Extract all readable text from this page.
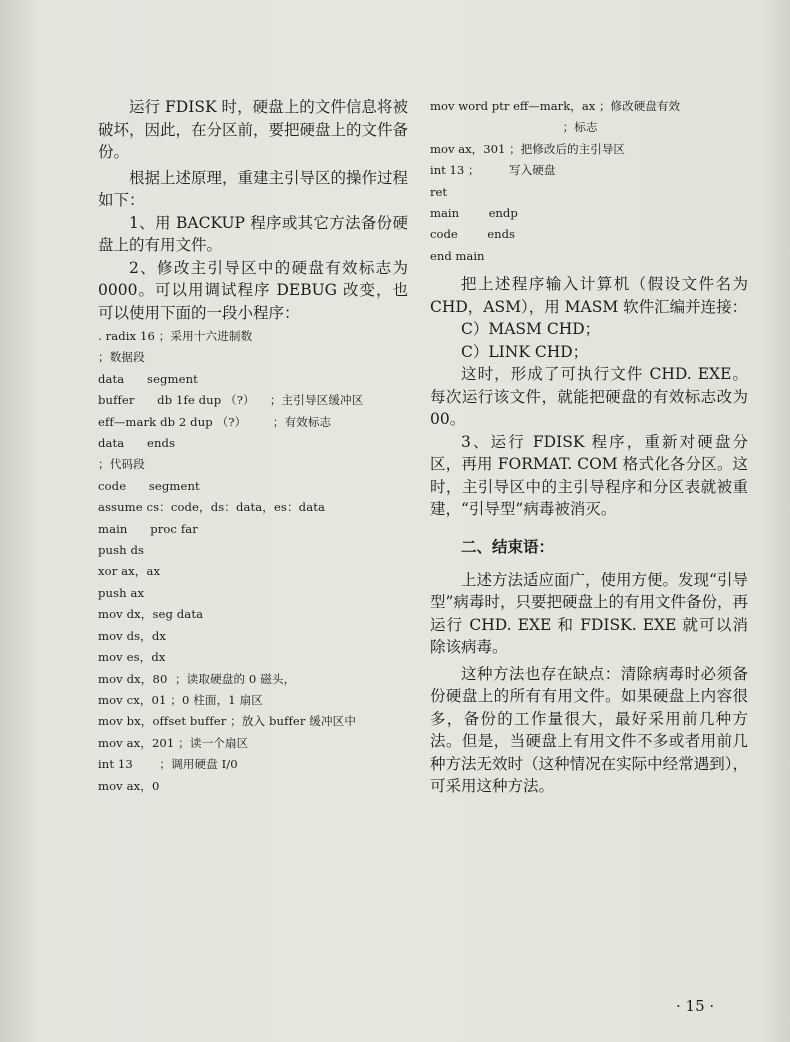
运行 FDISK 时，硬盘上的文件信息将被破坏，因此，在分区前，要把硬盘上的文件备份。

根据上述原理，重建主引导区的操作过程如下：

1、用 BACKUP 程序或其它方法备份硬盘上的有用文件。

2、修改主引导区中的硬盘有效标志为 0000。可以用调试程序 DEBUG 改变，也可以使用下面的一段小程序：

. radix 16 ；采用十六进制数

；数据段

data      segment

buffer      db 1fe dup （?）    ；主引导区缓冲区

eff—mark db 2 dup （?）       ；有效标志

data      ends

；代码段

code      segment

assume cs：code，ds：data，es：data

main      proc far

push ds

xor ax，ax

push ax

mov dx，seg data

mov ds，dx

mov es，dx

mov dx，80  ；读取硬盘的 0 磁头，

mov cx，01 ；0 柱面，1 扇区

mov bx，offset buffer ；放入 buffer 缓冲区中

mov ax，201 ；读一个扇区

int 13       ；调用硬盘 I/0

mov ax，0

mov word ptr eff—mark，ax ；修改硬盘有效

；标志

mov ax，301 ；把修改后的主引导区

int 13 ；        写入硬盘

ret

main        endp

code        ends

end main

把上述程序输入计算机（假设文件名为 CHD，ASM），用 MASM 软件汇编并连接：

C）MASM CHD；

C）LINK CHD；

这时，形成了可执行文件 CHD. EXE。每次运行该文件，就能把硬盘的有效标志改为 00。

3、运行 FDISK 程序，重新对硬盘分区，再用 FORMAT. COM 格式化各分区。这时，主引导区中的主引导程序和分区表就被重建，“引导型”病毒被消灭。

二、结束语：

上述方法适应面广，使用方便。发现“引导型”病毒时，只要把硬盘上的有用文件备份，再运行 CHD. EXE 和 FDISK. EXE 就可以消除该病毒。

这种方法也存在缺点：清除病毒时必须备份硬盘上的所有有用文件。如果硬盘上内容很多，备份的工作量很大，最好采用前几种方法。但是，当硬盘上有用文件不多或者用前几种方法无效时（这种情况在实际中经常遇到），可采用这种方法。

· 15 ·
